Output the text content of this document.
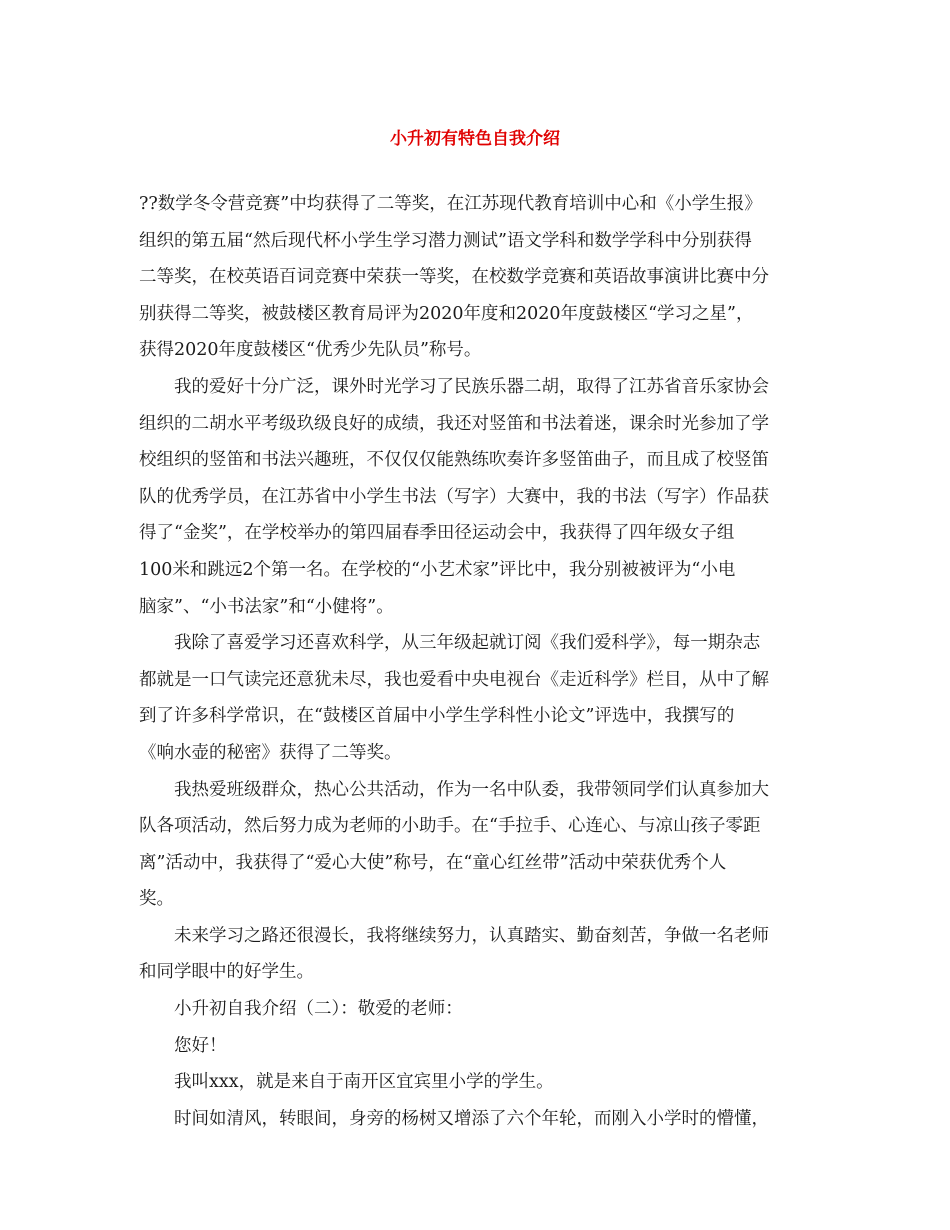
小升初有特色自我介绍
??数学冬令营竞赛”中均获得了二等奖，在江苏现代教育培训中心和《小学生报》
组织的第五届“然后现代杯小学生学习潜力测试”语文学科和数学学科中分别获得
二等奖，在校英语百词竞赛中荣获一等奖，在校数学竞赛和英语故事演讲比赛中分
别获得二等奖，被鼓楼区教育局评为2020年度和2020年度鼓楼区“学习之星”，
获得2020年度鼓楼区“优秀少先队员”称号。
我的爱好十分广泛，课外时光学习了民族乐器二胡，取得了江苏省音乐家协会
组织的二胡水平考级玖级良好的成绩，我还对竖笛和书法着迷，课余时光参加了学
校组织的竖笛和书法兴趣班，不仅仅仅能熟练吹奏许多竖笛曲子，而且成了校竖笛
队的优秀学员，在江苏省中小学生书法（写字）大赛中，我的书法（写字）作品获
得了“金奖”，在学校举办的第四届春季田径运动会中，我获得了四年级女子组
100米和跳远2个第一名。在学校的“小艺术家”评比中，我分别被被评为“小电
脑家”、“小书法家”和“小健将”。
我除了喜爱学习还喜欢科学，从三年级起就订阅《我们爱科学》，每一期杂志
都就是一口气读完还意犹未尽，我也爱看中央电视台《走近科学》栏目，从中了解
到了许多科学常识，在“鼓楼区首届中小学生学科性小论文”评选中，我撰写的
《响水壶的秘密》获得了二等奖。
我热爱班级群众，热心公共活动，作为一名中队委，我带领同学们认真参加大
队各项活动，然后努力成为老师的小助手。在“手拉手、心连心、与凉山孩子零距
离”活动中，我获得了“爱心大使”称号，在“童心红丝带”活动中荣获优秀个人
奖。
未来学习之路还很漫长，我将继续努力，认真踏实、勤奋刻苦，争做一名老师
和同学眼中的好学生。
小升初自我介绍（二）：敬爱的老师：
您好！
我叫xxx，就是来自于南开区宜宾里小学的学生。
时间如清风，转眼间，身旁的杨树又增添了六个年轮，而刚入小学时的懵懂，
